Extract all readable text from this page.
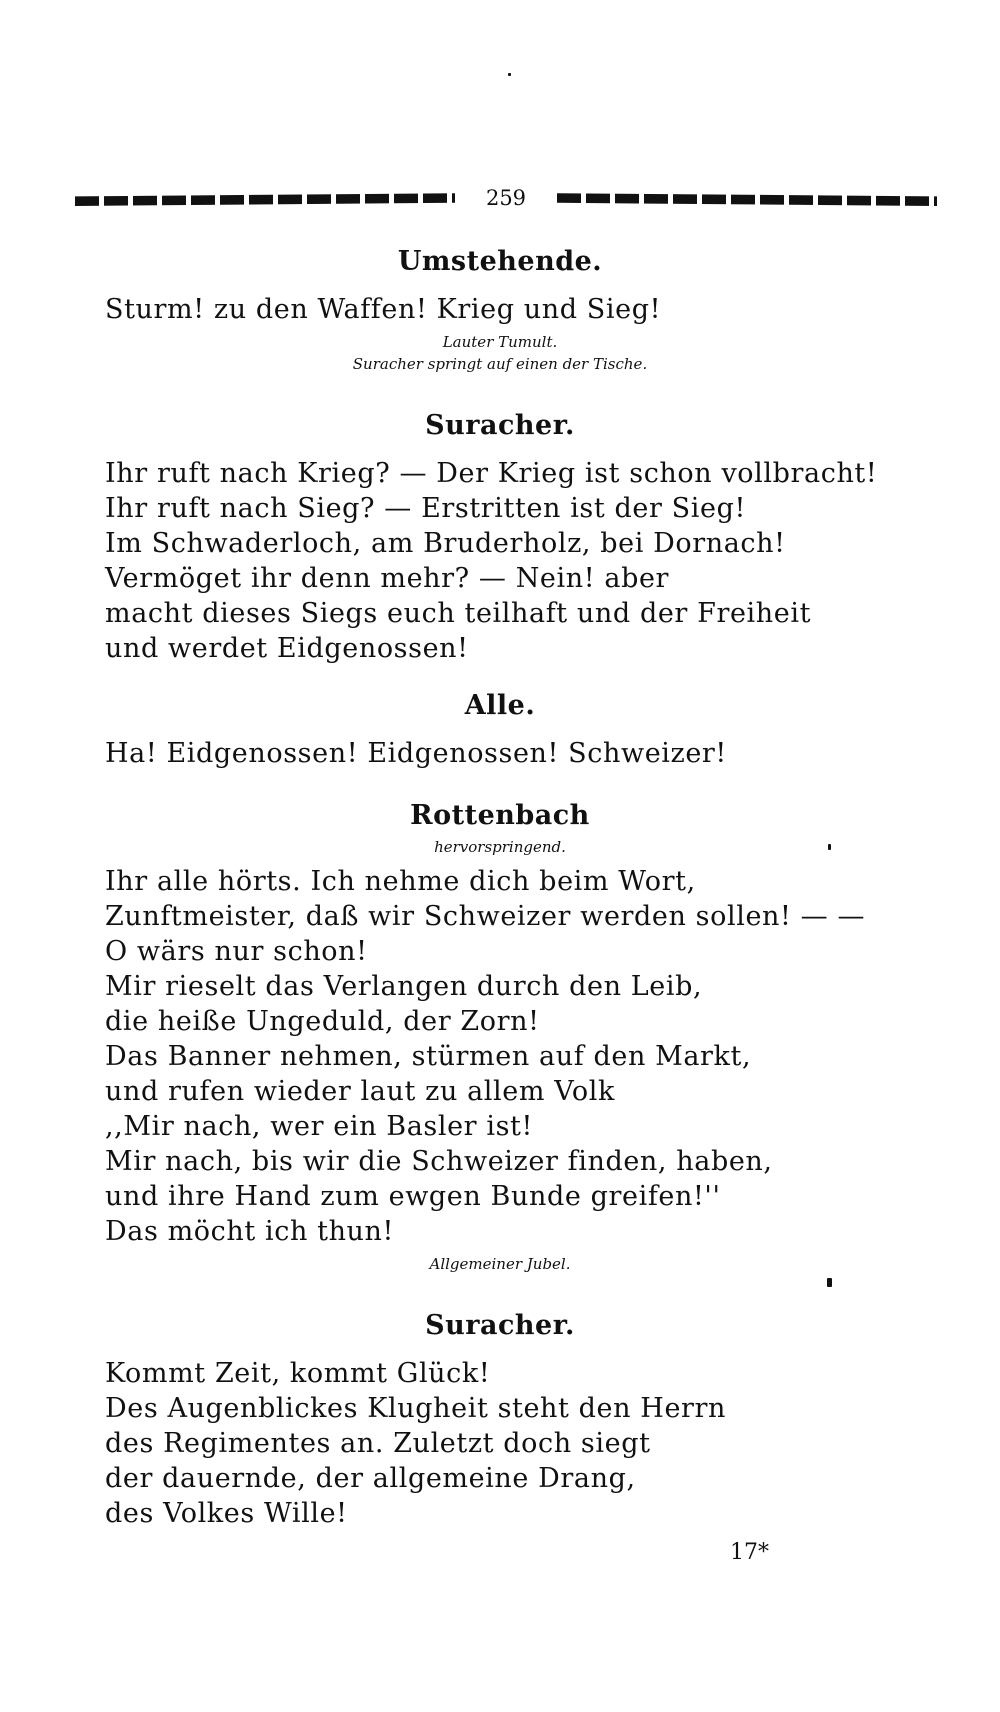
259
Umstehende.
Sturm! zu den Waffen! Krieg und Sieg!
Lauter Tumult.
Suracher springt auf einen der Tische.
Suracher.
Ihr ruft nach Krieg? — Der Krieg ist schon vollbracht!
Ihr ruft nach Sieg? — Erstritten ist der Sieg!
Im Schwaderloch, am Bruderholz, bei Dornach!
Vermöget ihr denn mehr? — Nein! aber
macht dieses Siegs euch teilhaft und der Freiheit
und werdet Eidgenossen!
Alle.
Ha! Eidgenossen! Eidgenossen! Schweizer!
Rottenbach
hervorspringend.
Ihr alle hörts. Ich nehme dich beim Wort,
Zunftmeister, daß wir Schweizer werden sollen! — —
O wärs nur schon!
Mir rieselt das Verlangen durch den Leib,
die heiße Ungeduld, der Zorn!
Das Banner nehmen, stürmen auf den Markt,
und rufen wieder laut zu allem Volk
,,Mir nach, wer ein Basler ist!
Mir nach, bis wir die Schweizer finden, haben,
und ihre Hand zum ewgen Bunde greifen!''
Das möcht ich thun!
Allgemeiner Jubel.
Suracher.
Kommt Zeit, kommt Glück!
Des Augenblickes Klugheit steht den Herrn
des Regimentes an. Zuletzt doch siegt
der dauernde, der allgemeine Drang,
des Volkes Wille!
17*
